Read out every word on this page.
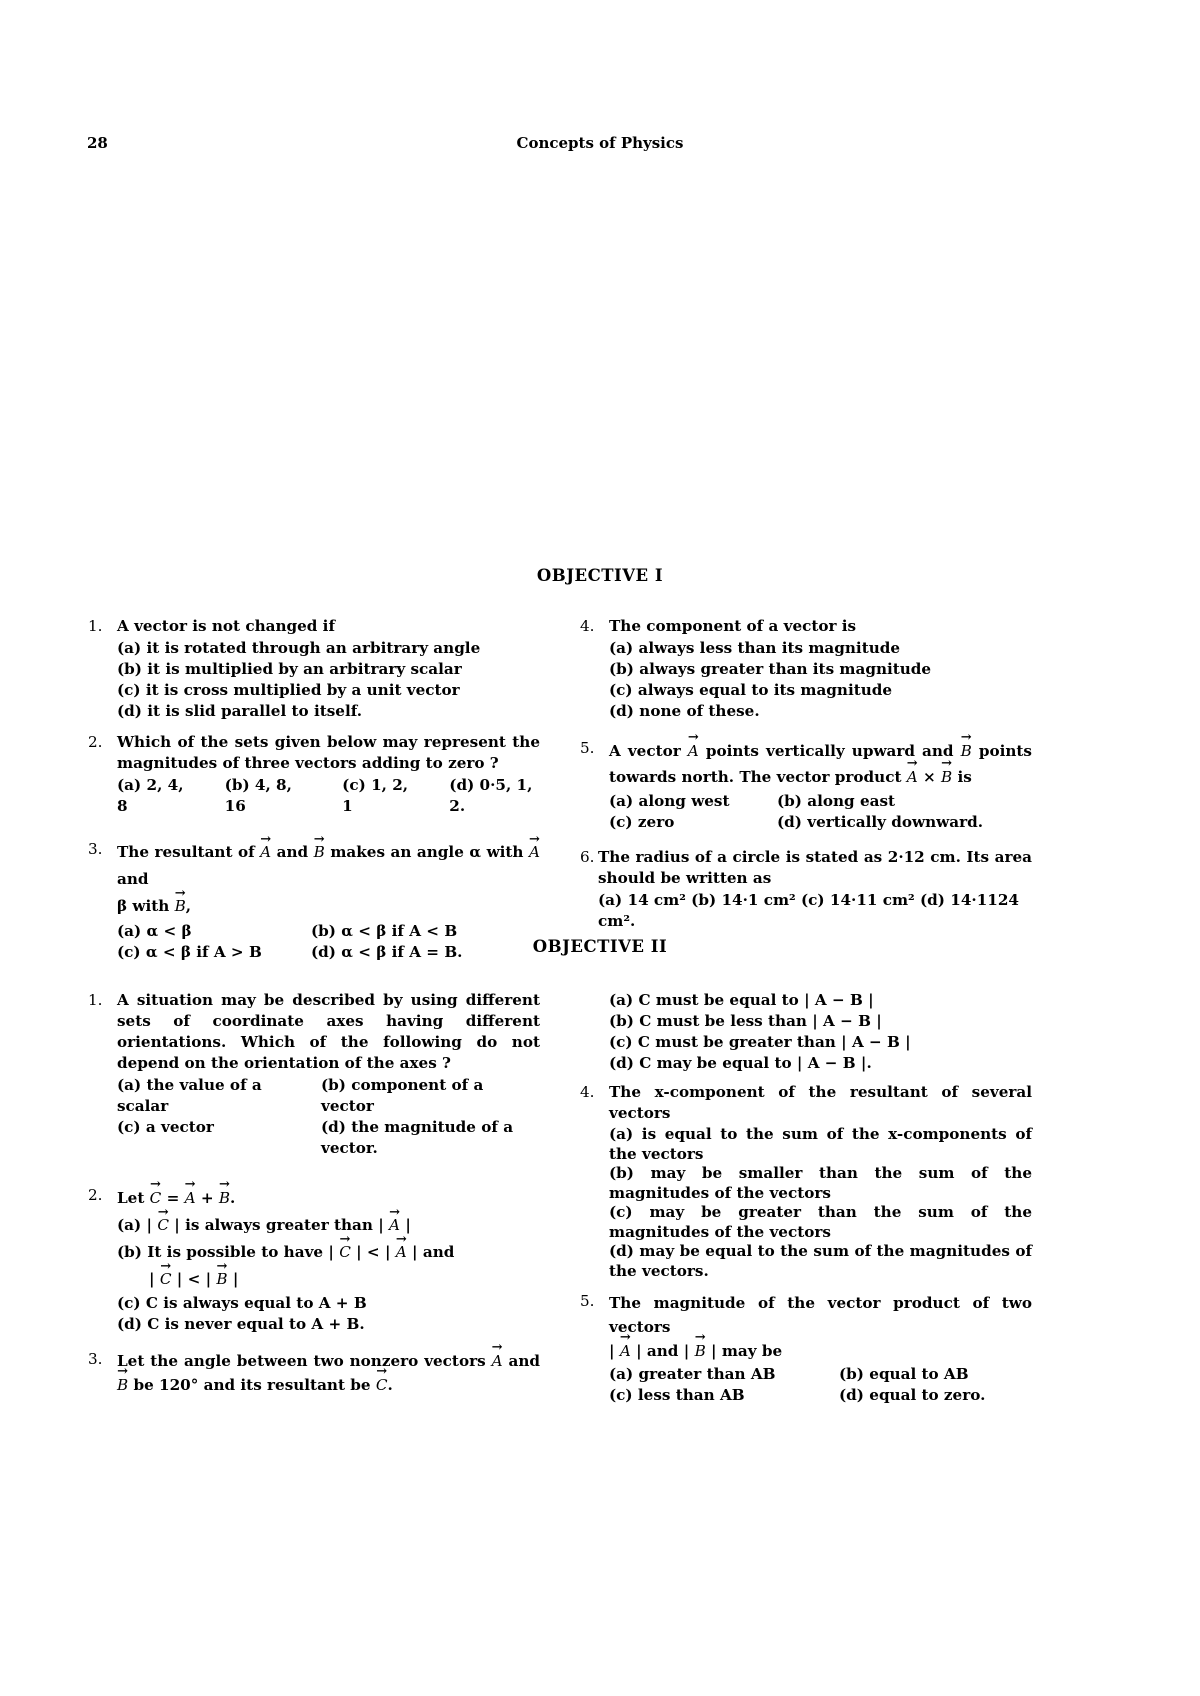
28	Concepts of Physics
OBJECTIVE I
1. A vector is not changed if
(a) it is rotated through an arbitrary angle
(b) it is multiplied by an arbitrary scalar
(c) it is cross multiplied by a unit vector
(d) it is slid parallel to itself.
2. Which of the sets given below may represent the magnitudes of three vectors adding to zero ?
(a) 2, 4, 8
(b) 4, 8, 16
(c) 1, 2, 1
(d) 0·5, 1, 2.
3. The resultant of → A and → B makes an angle α with → A and
β with → B,
(a) α < β	(b) α < β if A < B
(c) α < β if A > B	(d) α < β if A = B.
4. The component of a vector is
(a) always less than its magnitude
(b) always greater than its magnitude
(c) always equal to its magnitude
(d) none of these.
5. A vector → A points vertically upward and → B points towards north. The vector product → A × → B is
(a) along west	(b) along east
(c) zero	(d) vertically downward.
6. The radius of a circle is stated as 2·12 cm. Its area should be written as
(a) 14 cm² (b) 14·1 cm² (c) 14·11 cm² (d) 14·1124 cm².
OBJECTIVE II
1. A situation may be described by using different sets of coordinate axes having different orientations. Which of the following do not depend on the orientation of the axes ?
(a) the value of a scalar
(b) component of a vector
(c) a vector	(d) the magnitude of a vector.
2. Let → C = → A + → B.
(a) | → C | is always greater than | → A |
(b) It is possible to have | → C | < | → A | and
| → C | < | → B |
(c) C is always equal to A + B
(d) C is never equal to A + B.
3. Let the angle between two nonzero vectors → A and → B be 120° and its resultant be → C.
(a) C must be equal to | A − B |
(b) C must be less than | A − B |
(c) C must be greater than | A − B |
(d) C may be equal to | A − B |.
4. The x-component of the resultant of several vectors
(a) is equal to the sum of the x-components of the vectors
(b) may be smaller than the sum of the magnitudes of the vectors
(c) may be greater than the sum of the magnitudes of the vectors
(d) may be equal to the sum of the magnitudes of the vectors.
5. The magnitude of the vector product of two vectors
| → A | and | → B | may be
(a) greater than AB	(b) equal to AB
(c) less than AB	(d) equal to zero.
